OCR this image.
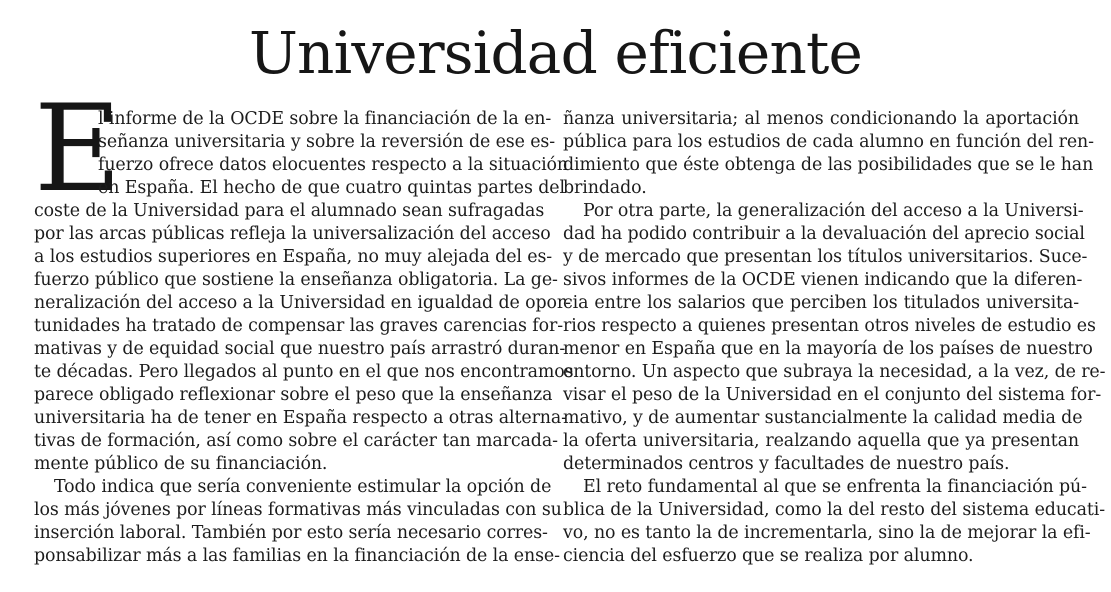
Universidad eficiente
E
l informe de la OCDE sobre la financiación de la en-
señanza universitaria y sobre la reversión de ese es-
fuerzo ofrece datos elocuentes respecto a la situación
en España. El hecho de que cuatro quintas partes del
coste de la Universidad para el alumnado sean sufragadas
por las arcas públicas refleja la universalización del acceso
a los estudios superiores en España, no muy alejada del es-
fuerzo público que sostiene la enseñanza obligatoria. La ge-
neralización del acceso a la Universidad en igualdad de opor-
tunidades ha tratado de compensar las graves carencias for-
mativas y de equidad social que nuestro país arrastró duran-
te décadas. Pero llegados al punto en el que nos encontramos
parece obligado reflexionar sobre el peso que la enseñanza
universitaria ha de tener en España respecto a otras alterna-
tivas de formación, así como sobre el carácter tan marcada-
mente público de su financiación.
Todo indica que sería conveniente estimular la opción de
los más jóvenes por líneas formativas más vinculadas con su
inserción laboral. También por esto sería necesario corres-
ponsabilizar más a las familias en la financiación de la ense-
ñanza universitaria; al menos condicionando la aportación
pública para los estudios de cada alumno en función del ren-
dimiento que éste obtenga de las posibilidades que se le han
brindado.
Por otra parte, la generalización del acceso a la Universi-
dad ha podido contribuir a la devaluación del aprecio social
y de mercado que presentan los títulos universitarios. Suce-
sivos informes de la OCDE vienen indicando que la diferen-
cia entre los salarios que perciben los titulados universita-
rios respecto a quienes presentan otros niveles de estudio es
menor en España que en la mayoría de los países de nuestro
entorno. Un aspecto que subraya la necesidad, a la vez, de re-
visar el peso de la Universidad en el conjunto del sistema for-
mativo, y de aumentar sustancialmente la calidad media de
la oferta universitaria, realzando aquella que ya presentan
determinados centros y facultades de nuestro país.
El reto fundamental al que se enfrenta la financiación pú-
blica de la Universidad, como la del resto del sistema educati-
vo, no es tanto la de incrementarla, sino la de mejorar la efi-
ciencia del esfuerzo que se realiza por alumno.
